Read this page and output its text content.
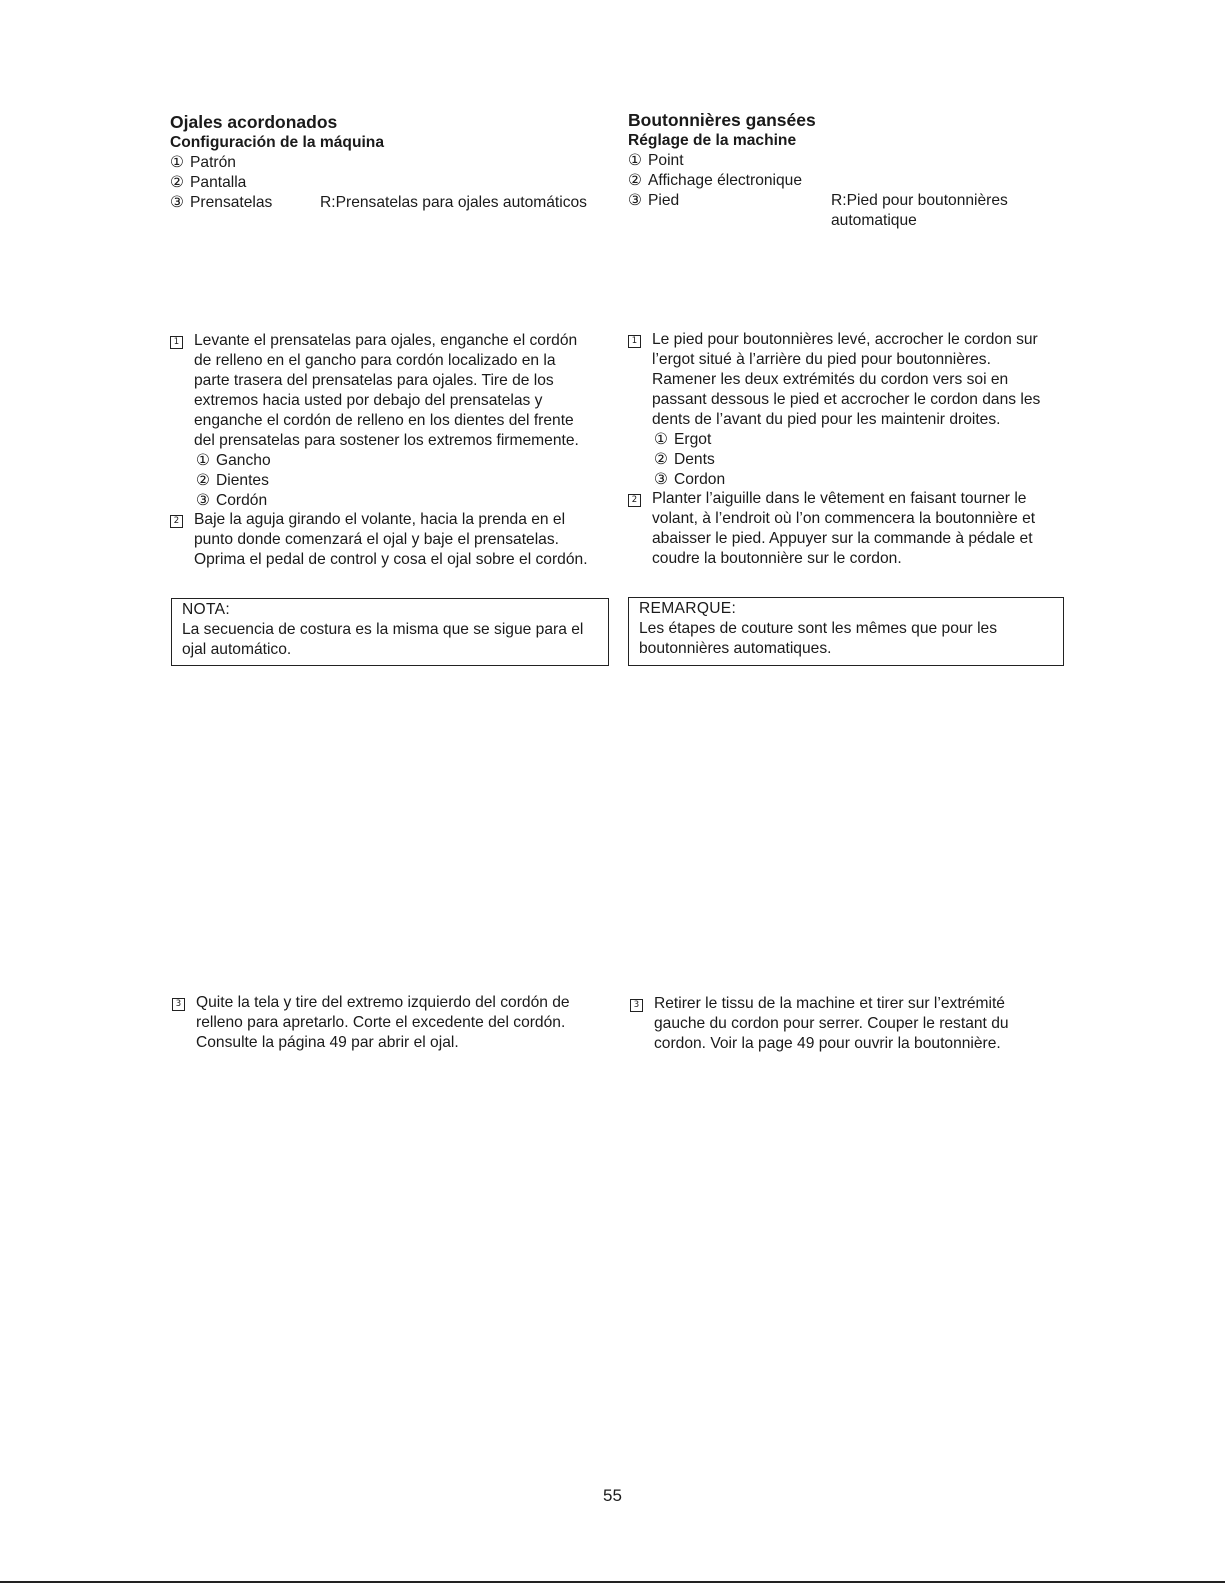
Ojales acordonados
Configuración de la máquina
① Patrón
② Pantalla
③ Prensatelas	R:Prensatelas para ojales automáticos
1 Levante el prensatelas para ojales, enganche el cordón
de relleno en el gancho para cordón localizado en la
parte trasera del prensatelas para ojales. Tire de los
extremos hacia usted por debajo del prensatelas y
enganche el cordón de relleno en los dientes del frente
del prensatelas para sostener los extremos firmemente.
① Gancho
② Dientes
③ Cordón
2 Baje la aguja girando el volante, hacia la prenda en el
punto donde comenzará el ojal y baje el prensatelas.
Oprima el pedal de control y cosa el ojal sobre el cordón.
NOTA:
La secuencia de costura es la misma que se sigue para el
ojal automático.
3 Quite la tela y tire del extremo izquierdo del cordón de
relleno para apretarlo. Corte el excedente del cordón.
Consulte la página 49 par abrir el ojal.
Boutonnières gansées
Réglage de la machine
① Point
② Affichage électronique
③ Pied	R:Pied pour boutonnières
automatique
1 Le pied pour boutonnières levé, accrocher le cordon sur
l’ergot situé à l’arrière du pied pour boutonnières.
Ramener les deux extrémités du cordon vers soi en
passant dessous le pied et accrocher le cordon dans les
dents de l’avant du pied pour les maintenir droites.
① Ergot
② Dents
③ Cordon
2 Planter l’aiguille dans le vêtement en faisant tourner le
volant, à l’endroit où l’on commencera la boutonnière et
abaisser le pied. Appuyer sur la commande à pédale et
coudre la boutonnière sur le cordon.
REMARQUE:
Les étapes de couture sont les mêmes que pour les
boutonnières automatiques.
3 Retirer le tissu de la machine et tirer sur l’extrémité
gauche du cordon pour serrer. Couper le restant du
cordon. Voir la page 49 pour ouvrir la boutonnière.
55
